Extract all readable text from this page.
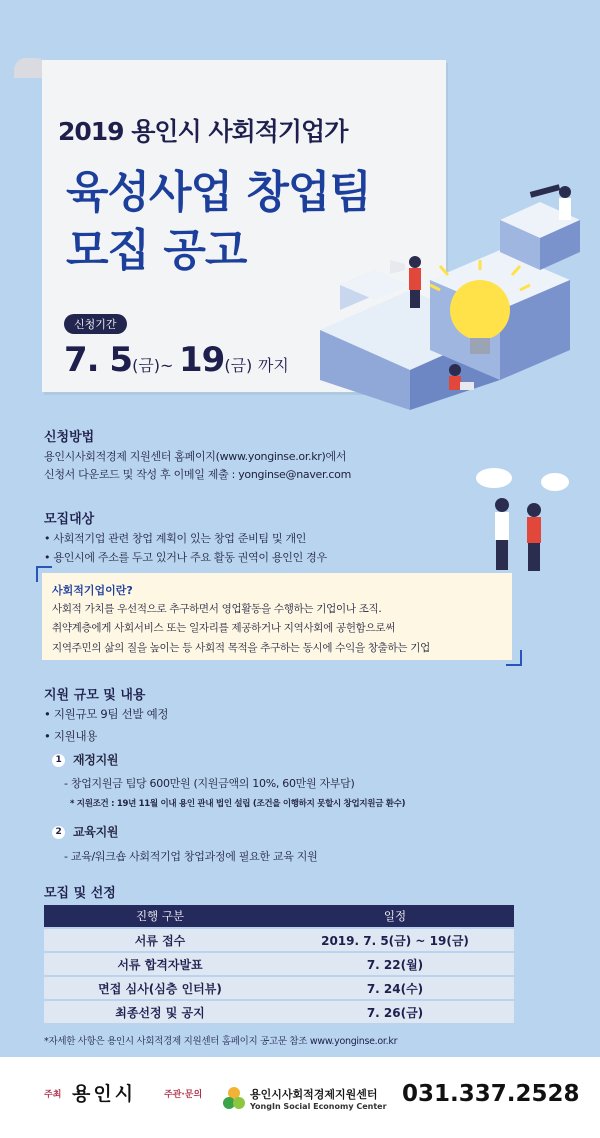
2019 용인시 사회적기업가
육성사업 창업팀
모집 공고
신청기간
7. 5(금)~ 19(금) 까지
신청방법
용인시사회적경제 지원센터 홈페이지(www.yonginse.or.kr)에서
신청서 다운로드 및 작성 후 이메일 제출 : yonginse@naver.com
모집대상
• 사회적기업 관련 창업 계획이 있는 창업 준비팀 및 개인
• 용인시에 주소를 두고 있거나 주요 활동 권역이 용인인 경우
사회적기업이란?
사회적 가치를 우선적으로 추구하면서 영업활동을 수행하는 기업이나 조직.
취약계층에게 사회서비스 또는 일자리를 제공하거나 지역사회에 공헌함으로써
지역주민의 삶의 질을 높이는 등 사회적 목적을 추구하는 동시에 수익을 창출하는 기업
지원 규모 및 내용
• 지원규모 9팀 선발 예정
• 지원내용
1 재정지원
- 창업지원금 팀당 600만원 (지원금액의 10%, 60만원 자부담)
* 지원조건 : 19년 11월 이내 용인 관내 법인 설립 (조건을 이행하지 못할시 창업지원금 환수)
2 교육지원
- 교육/워크숍 사회적기업 창업과정에 필요한 교육 지원
모집 및 선정
진행 구분	일정
서류 접수	2019. 7. 5(금) ~ 19(금)
서류 합격자발표	7. 22(월)
면접 심사(심층 인터뷰)	7. 24(수)
최종선정 및 공지	7. 26(금)
*자세한 사항은 용인시 사회적경제 지원센터 홈페이지 공고문 참조 www.yonginse.or.kr
주최 용인시	주관·문의	용인시사회적경제지원센터
YongIn Social Economy Center 031.337.2528
